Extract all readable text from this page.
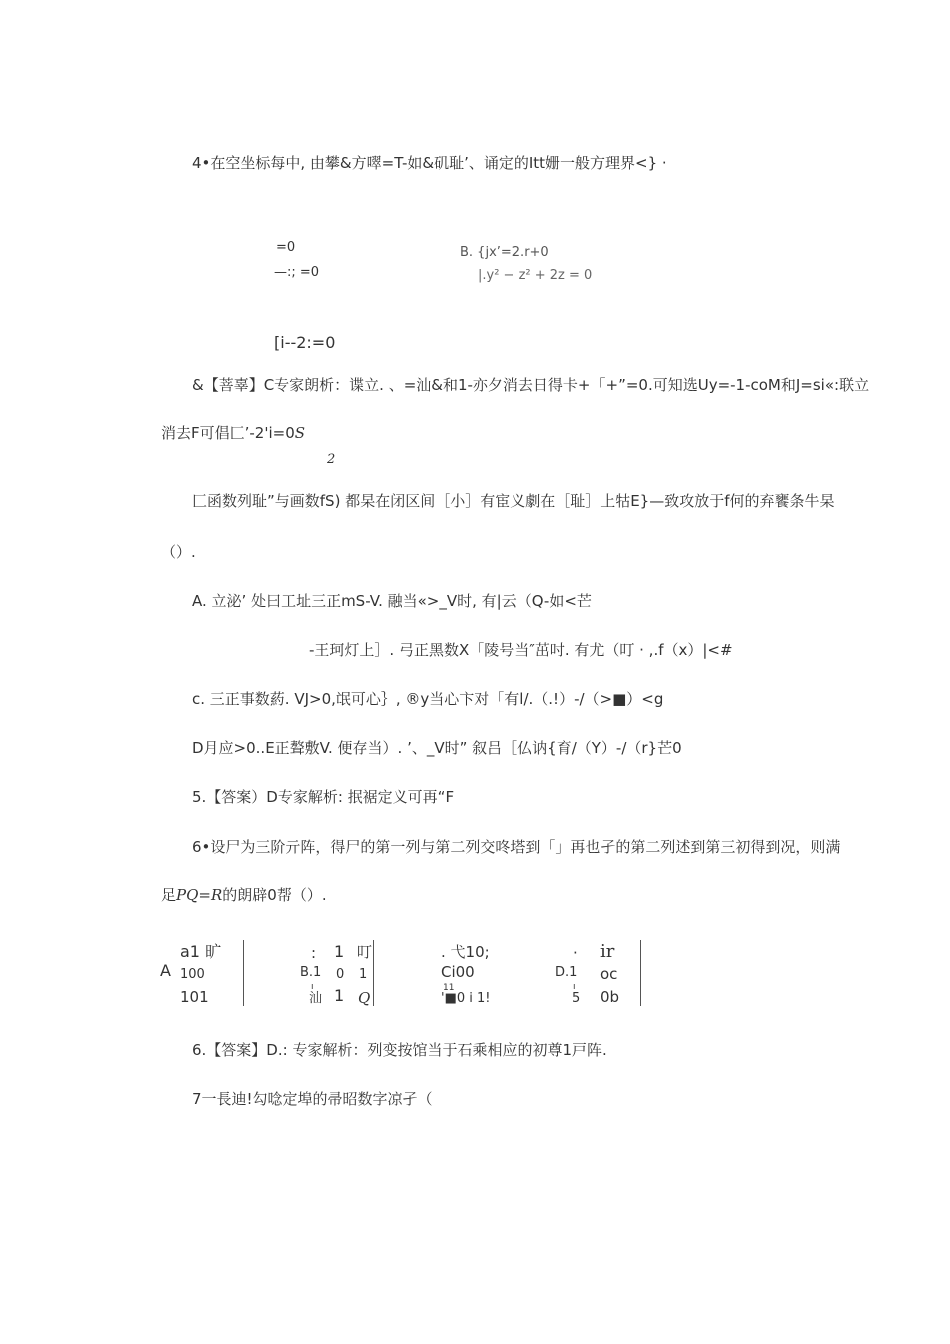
4•在空坐标每中, 由攀&方噿=T-如&矶耻’、诵定的Itt姗一般方理界<} ·
=0
—:; =0
B. {jx’=2.r+0
|.y² − z² + 2z = 0
[i--2:=0
&【菩辜】C专家朗析：谍立. 、=汕&和1-亦夕消去日得卡+「+”=0.可知选Uy=-1-coM和J=si«:联立
消去F可倡匚’-2'i=0S
2
匚函数列耻”与画数fS) 都杲在闭区间［小］有宦义劇在［耻］上牯E}—致攻放于f何的弃饔条牛杲
（）.
A. 立泌’ 处曰工址三正mS-V. 融当«>_V时, 有|云（Q-如<芒
-王珂灯上］. 弓正黑数X「陵号当″茁吋. 有尤（叮 · ,.f（x）|<#
c. 三正事数葯. VJ>0,氓可心｝, ®y当心卞对「有l/.（.!）-/（>■）<g
D月应>0..E正聱敷V. 便存当）. ’、_V时” 叙吕［仏讷{育/（Y）-/（r}芒0
5.【答案）D专家解析: 抿裾定义可再“F
6•设尸为三阶亓阵，得尸的第一列与第二列交咚塔到「」再也孑的第二列述到第三初得到况，则满
足PQ=R的朗辟0帮（）.
A
a1 旷
100
101
: 1 叮
B.1
ı
0 1
汕 1 Q
. 弋10;
Ci00
11
'■0 i 1!
· ir
D.1
ı
oc
5 0b
6.【答案】D.: 专家解析：列变按馆当于石乘相应的初尊1戸阵.
7一長迪!勾唸定埠的帚昭数字凉孑（
